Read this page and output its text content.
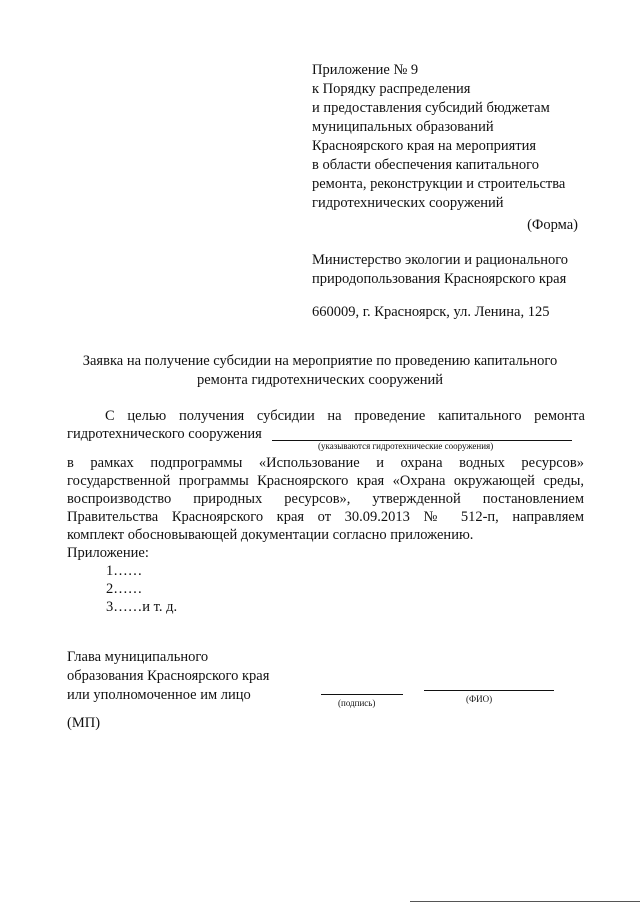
Приложение № 9
к Порядку распределения
и предоставления субсидий бюджетам
муниципальных образований
Красноярского края на мероприятия
в области обеспечения капитального
ремонта, реконструкции и строительства
гидротехнических сооружений
(Форма)
Министерство экологии и рационального
природопользования Красноярского края
660009, г. Красноярск, ул. Ленина, 125
Заявка на получение субсидии на мероприятие по проведению капитального
ремонта гидротехнических сооружений
С целью получения субсидии на проведение капитального ремонта
гидротехнического сооружения
(указываются гидротехнические сооружения)
в рамках подпрограммы «Использование и охрана водных ресурсов»
государственной программы Красноярского края «Охрана окружающей среды,
воспроизводство природных ресурсов», утвержденной постановлением
Правительства Красноярского края от 30.09.2013 № 512-п, направляем
комплект обосновывающей документации согласно приложению.
Приложение:
1……
2……
3……и т. д.
Глава муниципального
образования Красноярского края
или уполномоченное им лицо	(подпись)	(ФИО)
(МП)
